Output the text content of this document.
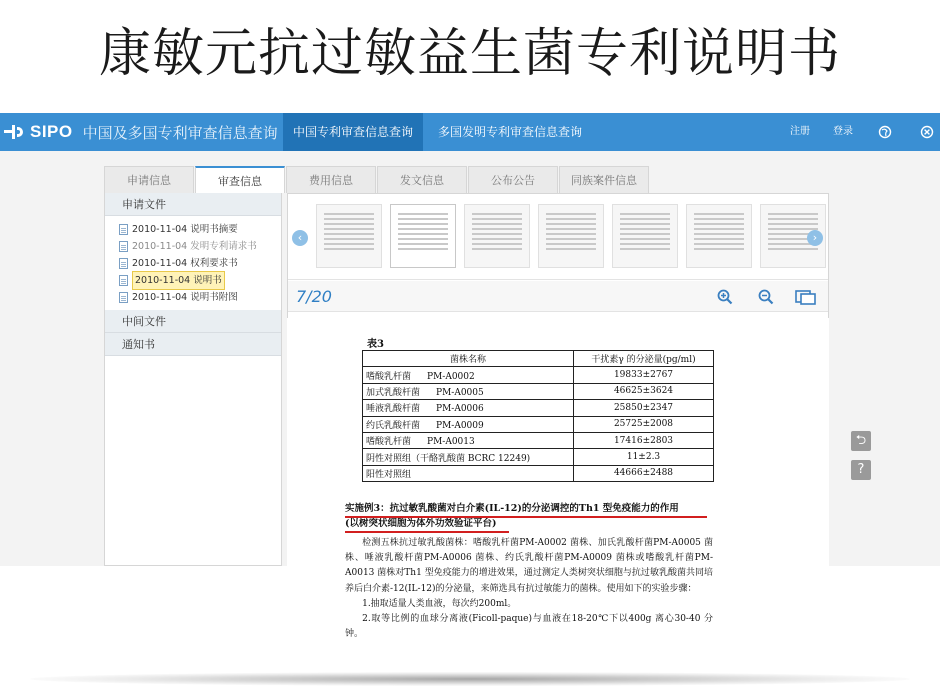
康敏元抗过敏益生菌专利说明书
SIPO 中国及多国专利审查信息查询	中国专利审查信息查询	多国发明专利审查信息查询	注册 登录
申请信息	审查信息	费用信息	发文信息	公布公告	同族案件信息
申请文件
2010-11-04 说明书摘要
2010-11-04 发明专利请求书
2010-11-04 权利要求书
2010-11-04 说明书
2010-11-04 说明书附图
中间文件
通知书
‹	›
7/20
⮌
?
表3
菌株名称	干扰素γ 的分泌量(pg/ml)
嗜酸乳杆菌 PM-A0002	19833±2767
加式乳酸杆菌 PM-A0005	46625±3624
唾液乳酸杆菌 PM-A0006	25850±2347
约氏乳酸杆菌 PM-A0009	25725±2008
嗜酸乳杆菌 PM-A0013	17416±2803
阴性对照组（干酪乳酸菌 BCRC 12249)	11±2.3
阳性对照组	44666±2488
实施例3：抗过敏乳酸菌对白介素(IL-12)的分泌调控的Th1 型免疫能力的作用
(以树突状细胞为体外功效验证平台)

检测五株抗过敏乳酸菌株：嗜酸乳杆菌PM-A0002 菌株、加氏乳酸杆菌PM-A0005 菌株、唾液乳酸杆菌PM-A0006 菌株、约氏乳酸杆菌PM-A0009 菌株或嗜酸乳杆菌PM-A0013 菌株对Th1 型免疫能力的增进效果，通过测定人类树突状细胞与抗过敏乳酸菌共同培养后白介素-12(IL-12)的分泌量，来筛选具有抗过敏能力的菌株。使用如下的实验步骤：

1.抽取适量人类血液，每次约200ml。
2.取等比例的血球分离液(Ficoll-paque)与血液在18-20℃下以400g 离心30-40 分钟。
